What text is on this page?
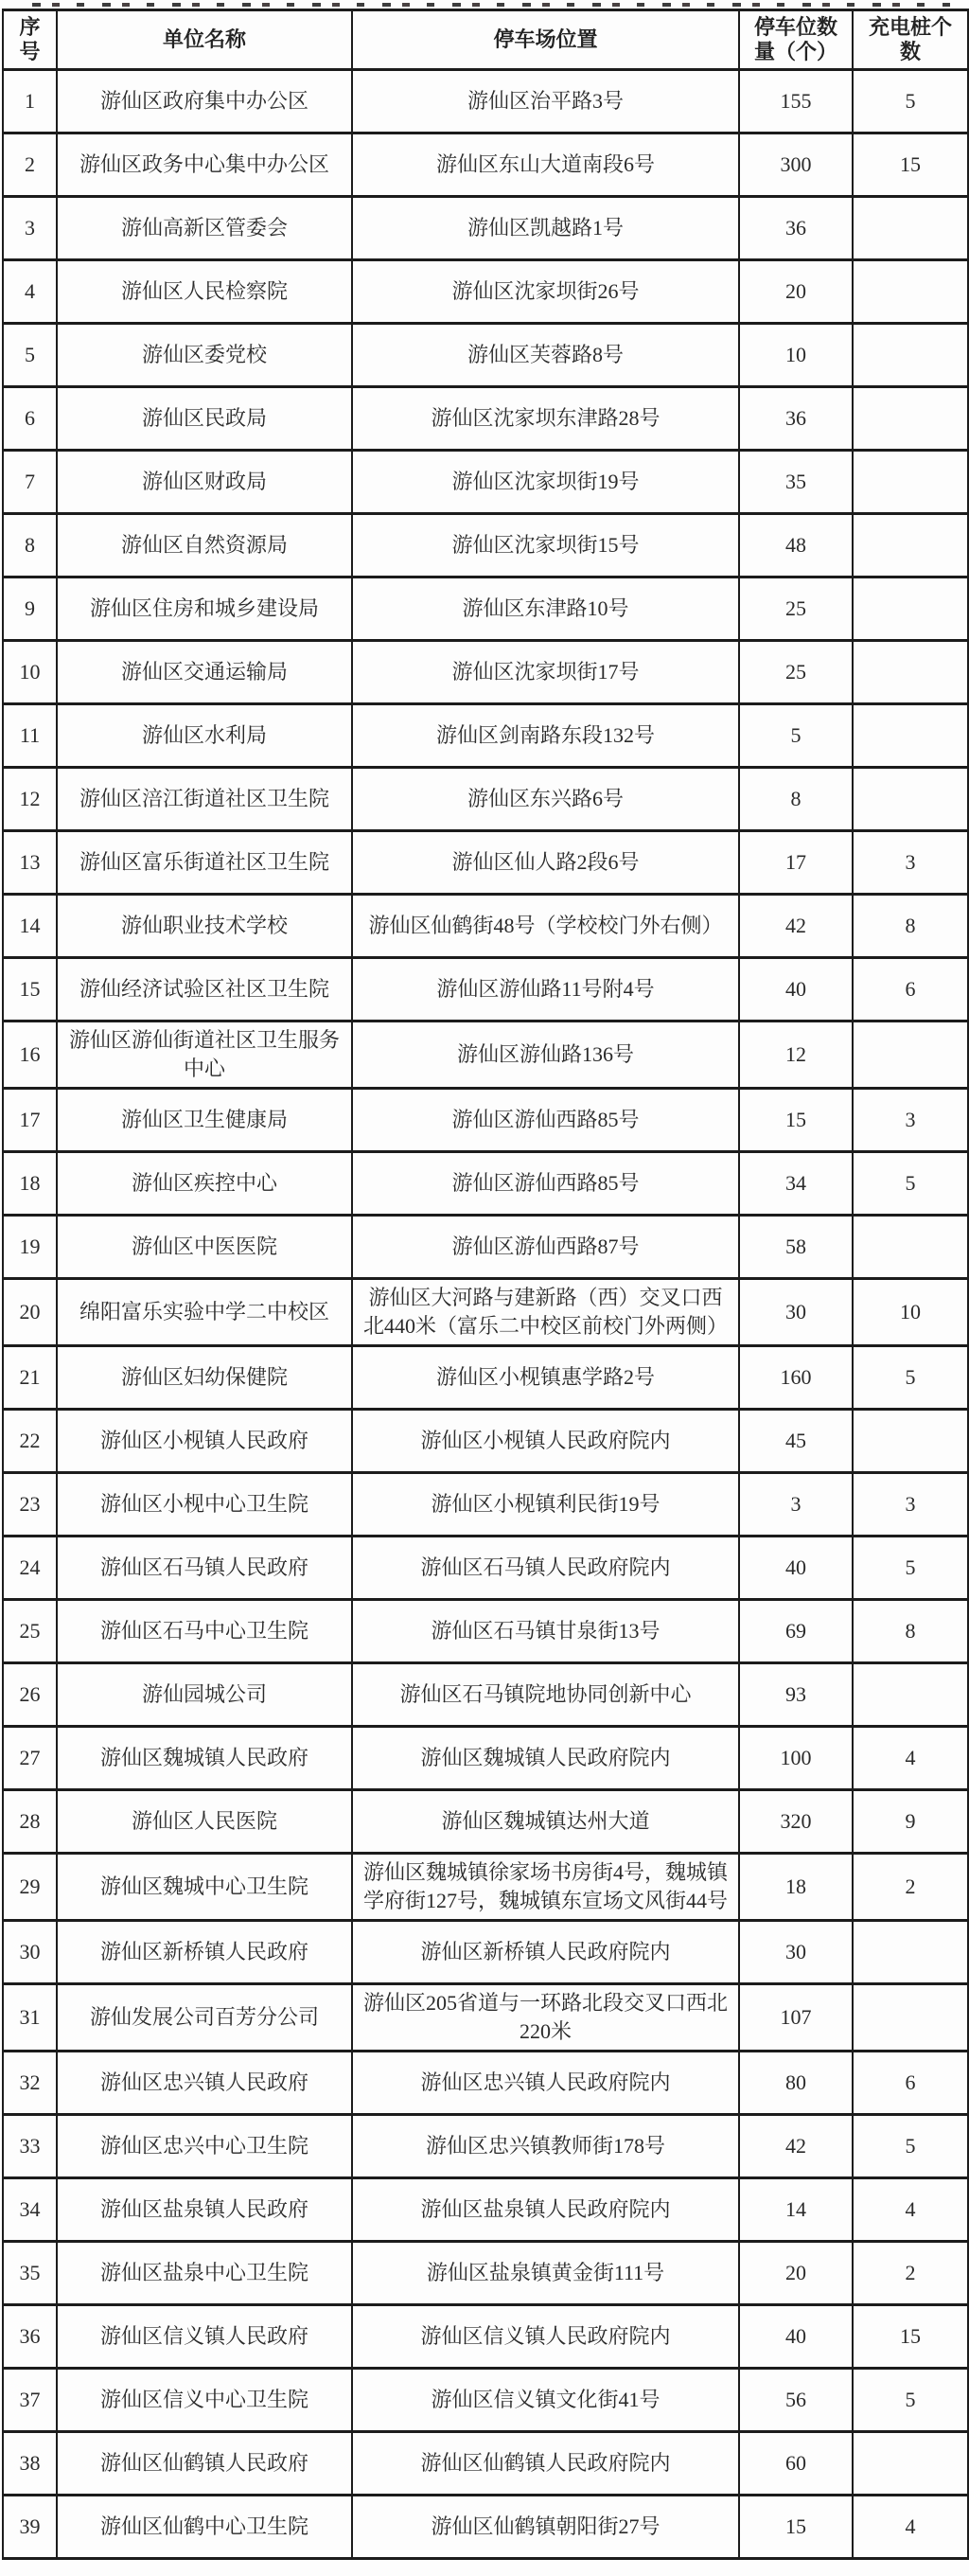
序号	单位名称	停车场位置	停车位数量（个）	充电桩个数
1	游仙区政府集中办公区	游仙区治平路3号	155	5
2	游仙区政务中心集中办公区	游仙区东山大道南段6号	300	15
3	游仙高新区管委会	游仙区凯越路1号	36	
4	游仙区人民检察院	游仙区沈家坝街26号	20	
5	游仙区委党校	游仙区芙蓉路8号	10	
6	游仙区民政局	游仙区沈家坝东津路28号	36	
7	游仙区财政局	游仙区沈家坝街19号	35	
8	游仙区自然资源局	游仙区沈家坝街15号	48	
9	游仙区住房和城乡建设局	游仙区东津路10号	25	
10	游仙区交通运输局	游仙区沈家坝街17号	25	
11	游仙区水利局	游仙区剑南路东段132号	5	
12	游仙区涪江街道社区卫生院	游仙区东兴路6号	8	
13	游仙区富乐街道社区卫生院	游仙区仙人路2段6号	17	3
14	游仙职业技术学校	游仙区仙鹤街48号（学校校门外右侧）	42	8
15	游仙经济试验区社区卫生院	游仙区游仙路11号附4号	40	6
16	游仙区游仙街道社区卫生服务中心	游仙区游仙路136号	12	
17	游仙区卫生健康局	游仙区游仙西路85号	15	3
18	游仙区疾控中心	游仙区游仙西路85号	34	5
19	游仙区中医医院	游仙区游仙西路87号	58	
20	绵阳富乐实验中学二中校区	游仙区大河路与建新路（西）交叉口西北440米（富乐二中校区前校门外两侧）	30	10
21	游仙区妇幼保健院	游仙区小枧镇惠学路2号	160	5
22	游仙区小枧镇人民政府	游仙区小枧镇人民政府院内	45	
23	游仙区小枧中心卫生院	游仙区小枧镇利民街19号	3	3
24	游仙区石马镇人民政府	游仙区石马镇人民政府院内	40	5
25	游仙区石马中心卫生院	游仙区石马镇甘泉街13号	69	8
26	游仙园城公司	游仙区石马镇院地协同创新中心	93	
27	游仙区魏城镇人民政府	游仙区魏城镇人民政府院内	100	4
28	游仙区人民医院	游仙区魏城镇达州大道	320	9
29	游仙区魏城中心卫生院	游仙区魏城镇徐家场书房街4号，魏城镇学府街127号，魏城镇东宣场文风街44号	18	2
30	游仙区新桥镇人民政府	游仙区新桥镇人民政府院内	30	
31	游仙发展公司百芳分公司	游仙区205省道与一环路北段交叉口西北220米	107	
32	游仙区忠兴镇人民政府	游仙区忠兴镇人民政府院内	80	6
33	游仙区忠兴中心卫生院	游仙区忠兴镇教师街178号	42	5
34	游仙区盐泉镇人民政府	游仙区盐泉镇人民政府院内	14	4
35	游仙区盐泉中心卫生院	游仙区盐泉镇黄金街111号	20	2
36	游仙区信义镇人民政府	游仙区信义镇人民政府院内	40	15
37	游仙区信义中心卫生院	游仙区信义镇文化街41号	56	5
38	游仙区仙鹤镇人民政府	游仙区仙鹤镇人民政府院内	60	
39	游仙区仙鹤中心卫生院	游仙区仙鹤镇朝阳街27号	15	4
